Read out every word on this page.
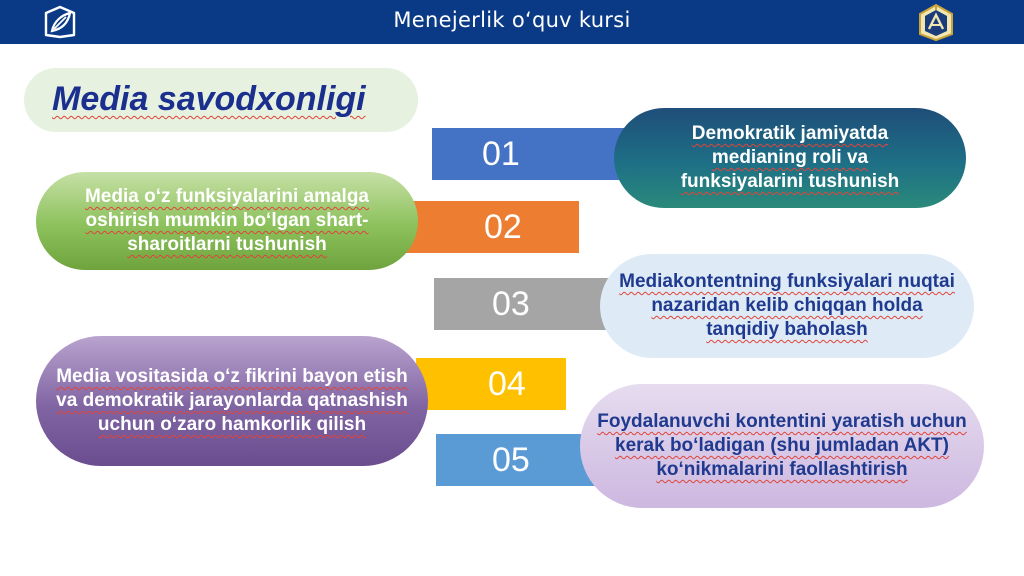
Menejerlik o‘quv kursi
Media savodxonligi
01
02
03
04
05
Demokratik jamiyatda medianing roli va funksiyalarini tushunish
Media o‘z funksiyalarini amalga oshirish mumkin bo‘lgan shart-sharoitlarni tushunish
Mediakontentning funksiyalari nuqtai nazaridan kelib chiqqan holda tanqidiy baholash
Media vositasida o‘z fikrini bayon etish va demokratik jarayonlarda qatnashish uchun o‘zaro hamkorlik qilish	Foydalanuvchi kontentini yaratish uchun kerak bo‘ladigan (shu jumladan AKT) ko‘nikmalarini faollashtirish
